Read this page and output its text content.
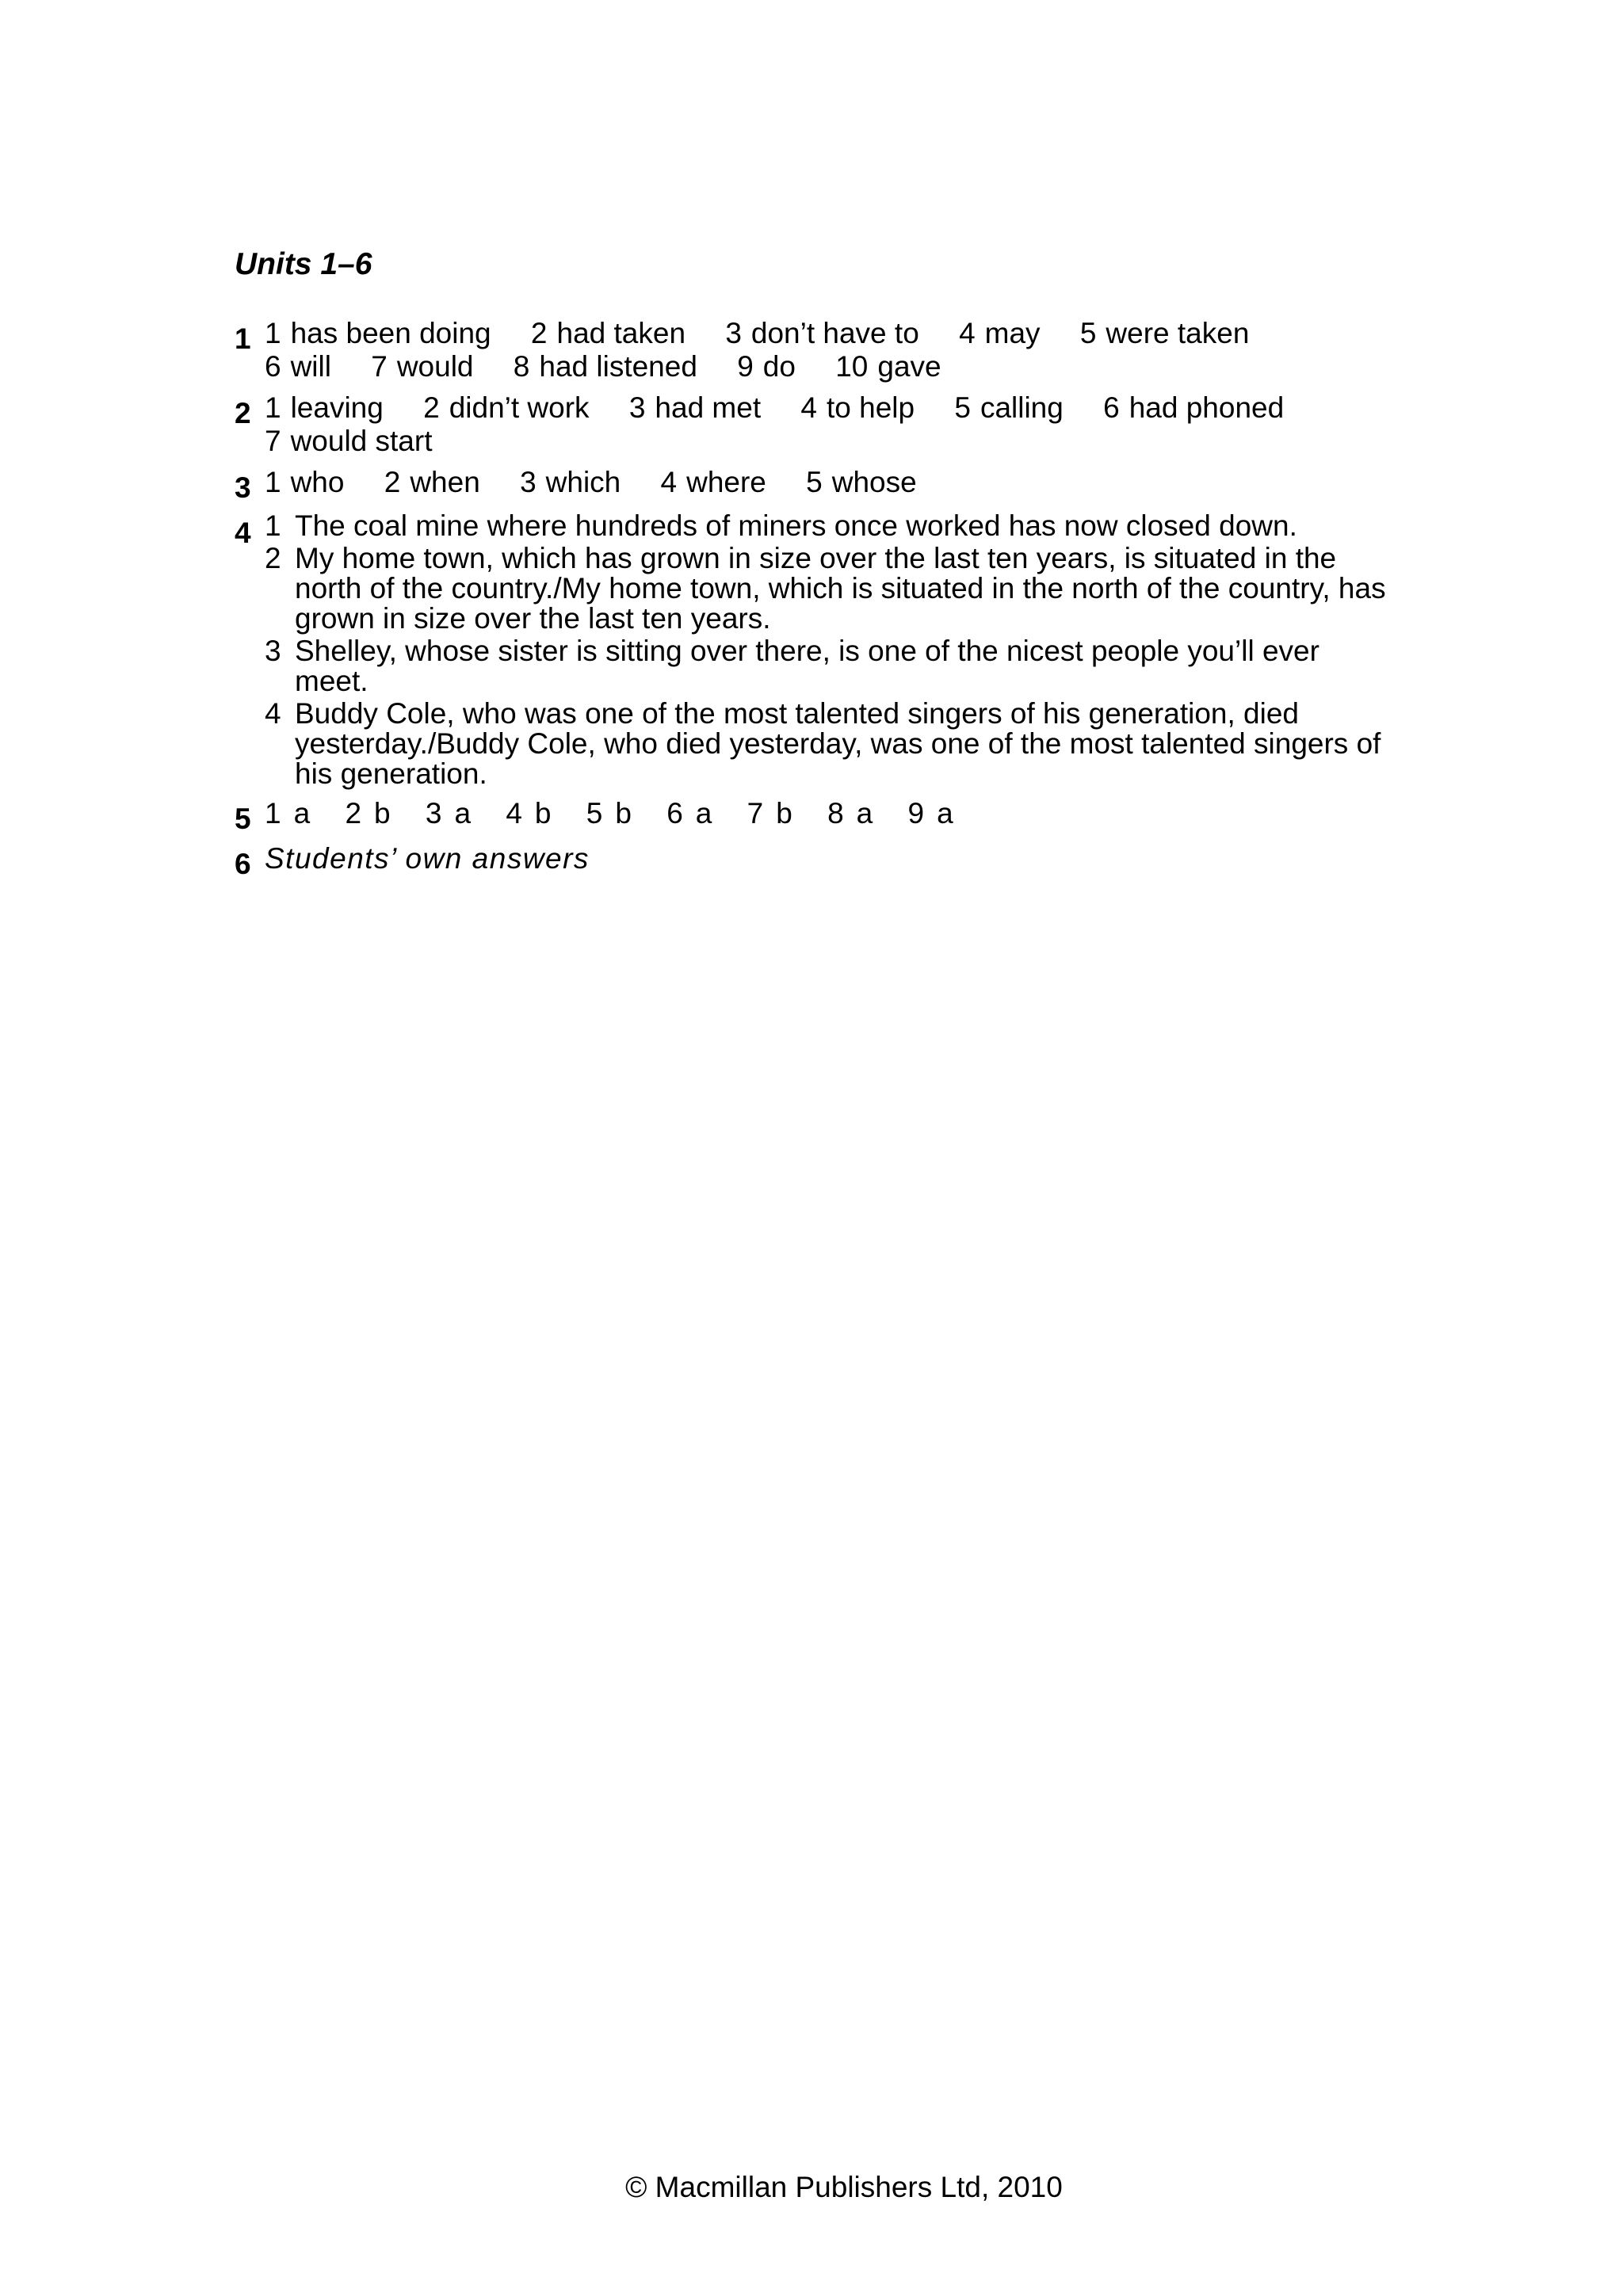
Units 1–6
1 1 has been doing 2 had taken 3 don’t have to 4 may 5 were taken
6 will 7 would 8 had listened 9 do 10 gave
2 1 leaving 2 didn’t work 3 had met 4 to help 5 calling 6 had phoned
7 would start
3 1 who 2 when 3 which 4 where 5 whose
4 1 The coal mine where hundreds of miners once worked has now closed down.
2 My home town, which has grown in size over the last ten years, is situated in the north of the country./My home town, which is situated in the north of the country, has grown in size over the last ten years.
3 Shelley, whose sister is sitting over there, is one of the nicest people you’ll ever meet.
4 Buddy Cole, who was one of the most talented singers of his generation, died yesterday./Buddy Cole, who died yesterday, was one of the most talented singers of his generation.
5 1 a 2 b 3 a 4 b 5 b 6 a 7 b 8 a 9 a
6 Students’ own answers
© Macmillan Publishers Ltd, 2010
